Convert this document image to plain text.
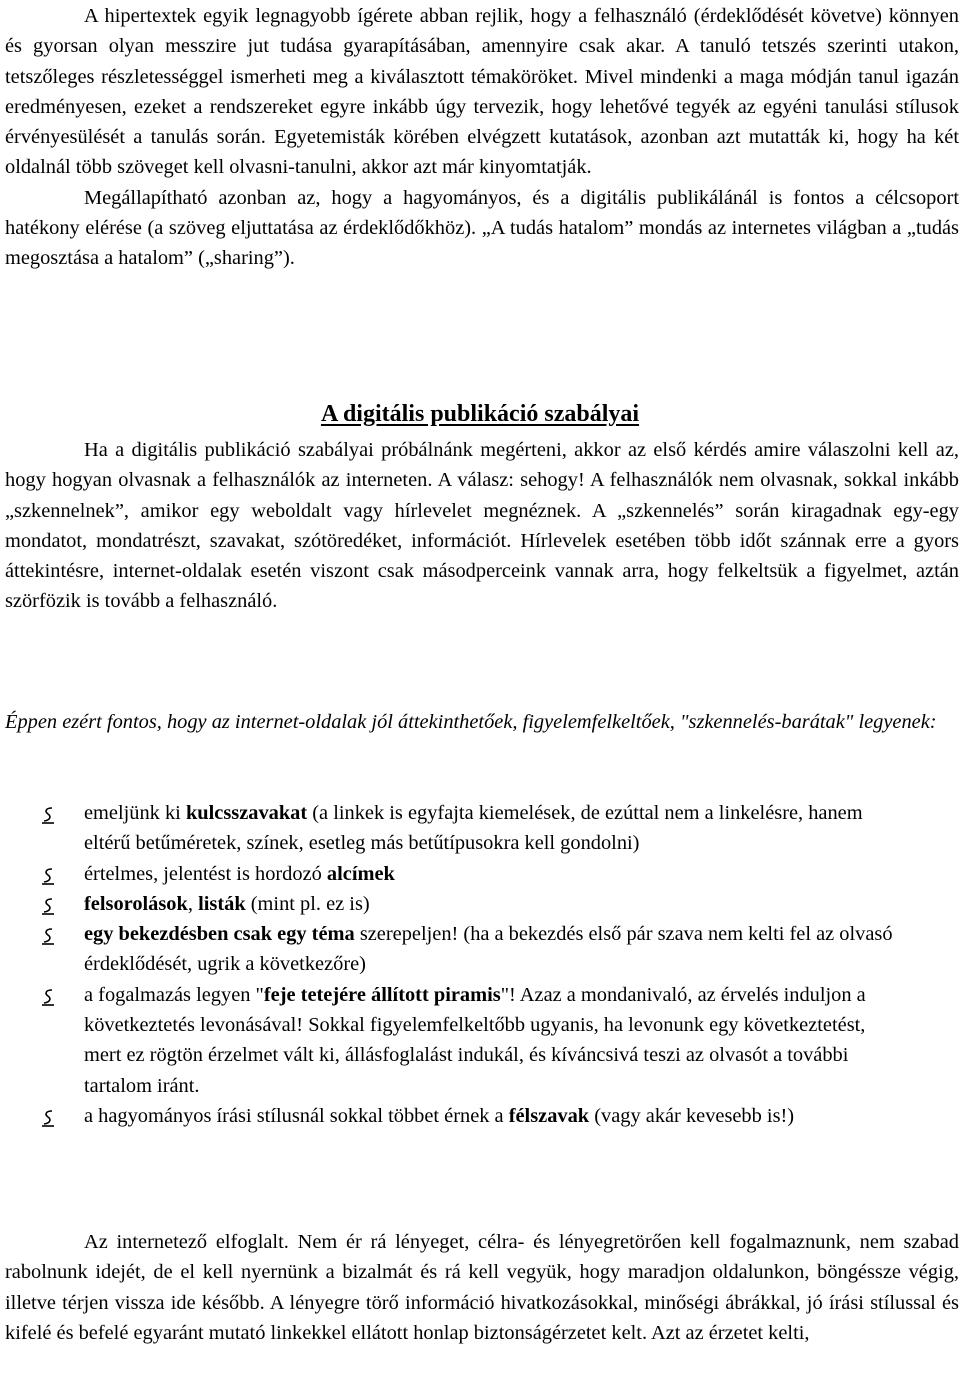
A hipertextek egyik legnagyobb ígérete abban rejlik, hogy a felhasználó (érdeklődését követve) könnyen és gyorsan olyan messzire jut tudása gyarapításában, amennyire csak akar. A tanuló tetszés szerinti utakon, tetszőleges részletességgel ismerheti meg a kiválasztott témaköröket. Mivel mindenki a maga módján tanul igazán eredményesen, ezeket a rendszereket egyre inkább úgy tervezik, hogy lehetővé tegyék az egyéni tanulási stílusok érvényesülését a tanulás során. Egyetemisták körében elvégzett kutatások, azonban azt mutatták ki, hogy ha két oldalnál több szöveget kell olvasni-tanulni, akkor azt már kinyomtatják.

Megállapítható azonban az, hogy a hagyományos, és a digitális publikálánál is fontos a célcsoport hatékony elérése (a szöveg eljuttatása az érdeklődőkhöz). „A tudás hatalom” mondás az internetes világban a „tudás megosztása a hatalom” („sharing”).

A digitális publikáció szabályai

Ha a digitális publikáció szabályai próbálnánk megérteni, akkor az első kérdés amire válaszolni kell az, hogy hogyan olvasnak a felhasználók az interneten. A válasz: sehogy! A felhasználók nem olvasnak, sokkal inkább „szkennelnek”, amikor egy weboldalt vagy hírlevelet megnéznek. A „szkennelés” során kiragadnak egy-egy mondatot, mondatrészt, szavakat, szótöredéket, információt. Hírlevelek esetében több időt szánnak erre a gyors áttekintésre, internet-oldalak esetén viszont csak másodperceink vannak arra, hogy felkeltsük a figyelmet, aztán szörfözik is tovább a felhasználó.

Éppen ezért fontos, hogy az internet-oldalak jól áttekinthetőek, figyelemfelkeltőek, "szkennelés-barátak" legyenek:

emeljünk ki kulcsszavakat (a linkek is egyfajta kiemelések, de ezúttal nem a linkelésre, hanem eltérű betűméretek, színek, esetleg más betűtípusokra kell gondolni)
értelmes, jelentést is hordozó alcímek
felsorolások, listák (mint pl. ez is)
egy bekezdésben csak egy téma szerepeljen! (ha a bekezdés első pár szava nem kelti fel az olvasó érdeklődését, ugrik a következőre)
a fogalmazás legyen "feje tetejére állított piramis"! Azaz a mondanivaló, az érvelés induljon a következtetés levonásával! Sokkal figyelemfelkeltőbb ugyanis, ha levonunk egy következtetést, mert ez rögtön érzelmet vált ki, állásfoglalást indukál, és kíváncsivá teszi az olvasót a további tartalom iránt.
a hagyományos írási stílusnál sokkal többet érnek a félszavak (vagy akár kevesebb is!)

Az internetező elfoglalt. Nem ér rá lényeget, célra- és lényegretörően kell fogalmaznunk, nem szabad rabolnunk idejét, de el kell nyernünk a bizalmát és rá kell vegyük, hogy maradjon oldalunkon, böngéssze végig, illetve térjen vissza ide később. A lényegre törő információ hivatkozásokkal, minőségi ábrákkal, jó írási stílussal és kifelé és befelé egyaránt mutató linkekkel ellátott honlap biztonságérzetet kelt. Azt az érzetet kelti,
